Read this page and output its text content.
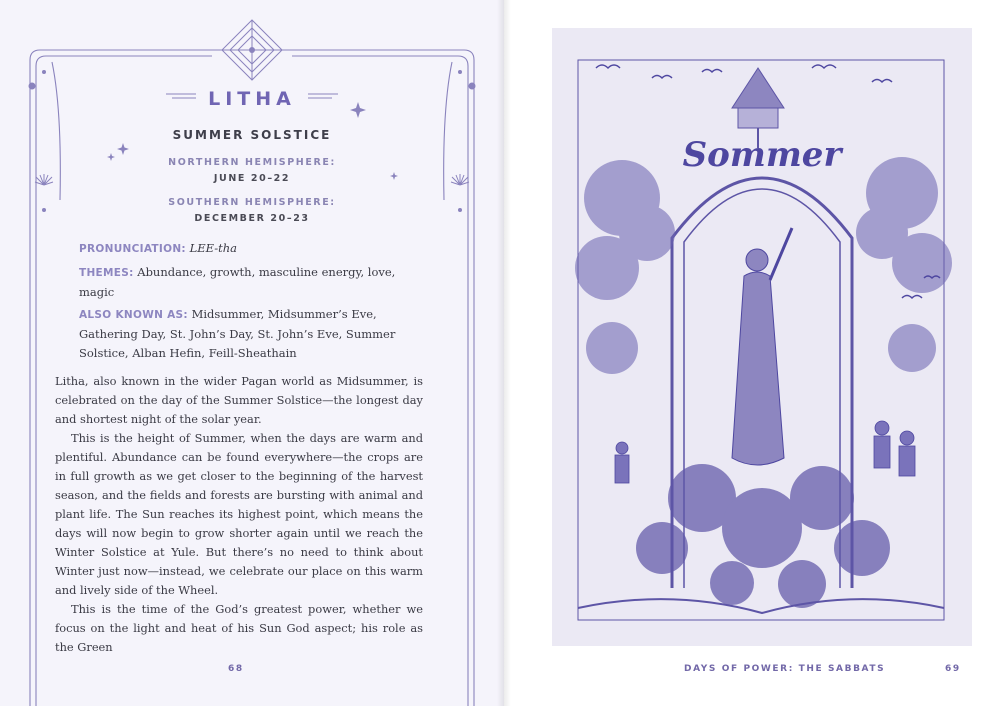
LITHA
SUMMER SOLSTICE
NORTHERN HEMISPHERE:
JUNE 20–22
SOUTHERN HEMISPHERE:
DECEMBER 20–23
PRONUNCIATION: LEE-tha
THEMES: Abundance, growth, masculine energy, love,
magic
ALSO KNOWN AS: Midsummer, Midsummer’s Eve,
Gathering Day, St. John’s Day, St. John’s Eve, Summer
Solstice, Alban Hefin, Feill-Sheathain

Litha, also known in the wider Pagan world as Midsummer, is celebrated on the day of the Summer Solstice—the longest day and shortest night of the solar year.

This is the height of Summer, when the days are warm and plentiful. Abundance can be found everywhere—the crops are in full growth as we get closer to the beginning of the harvest season, and the fields and forests are bursting with animal and plant life. The Sun reaches its highest point, which means the days will now begin to grow shorter again until we reach the Winter Solstice at Yule. But there’s no need to think about Winter just now—instead, we celebrate our place on this warm and lively side of the Wheel.

This is the time of the God’s greatest power, whether we focus on the light and heat of his Sun God aspect; his role as the Green

68
Sommer
DAYS OF POWER: THE SABBATS	69
